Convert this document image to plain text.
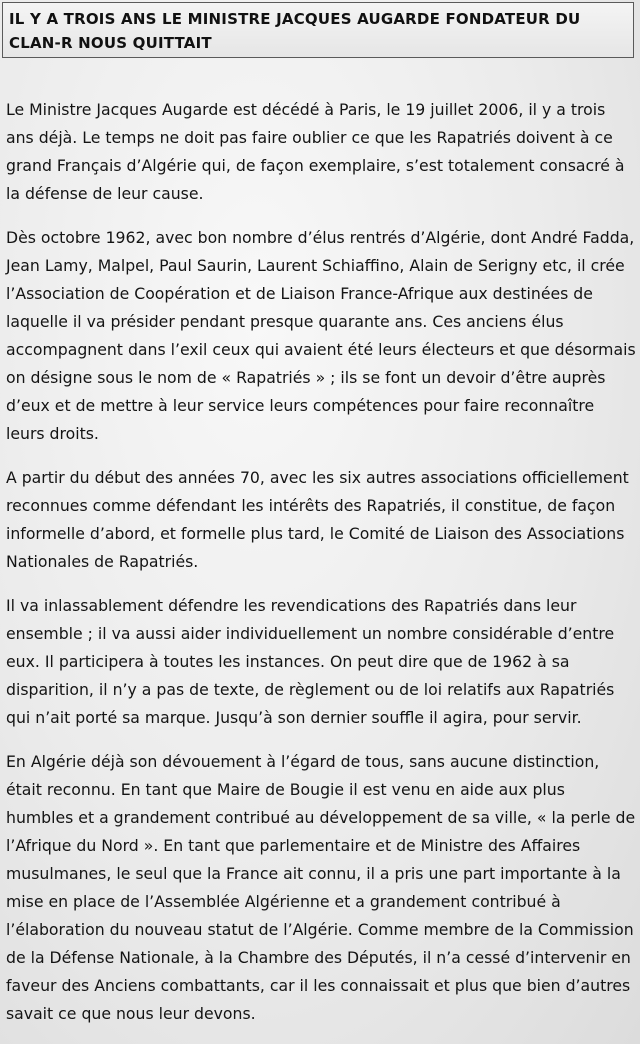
IL Y A TROIS ANS LE MINISTRE JACQUES AUGARDE FONDATEUR DU CLAN-R NOUS QUITTAIT

Le Ministre Jacques Augarde est décédé à Paris, le 19 juillet 2006, il y a trois ans déjà. Le temps ne doit pas faire oublier ce que les Rapatriés doivent à ce grand Français d’Algérie qui, de façon exemplaire, s’est totalement consacré à la défense de leur cause.

Dès octobre 1962, avec bon nombre d’élus rentrés d’Algérie, dont André Fadda, Jean Lamy, Malpel, Paul Saurin, Laurent Schiaffino, Alain de Serigny etc, il crée l’Association de Coopération et de Liaison France-Afrique aux destinées de laquelle il va présider pendant presque quarante ans. Ces anciens élus accompagnent dans l’exil ceux qui avaient été leurs électeurs et que désormais on désigne sous le nom de « Rapatriés » ; ils se font un devoir d’être auprès d’eux et de mettre à leur service leurs compétences pour faire reconnaître leurs droits.

A partir du début des années 70, avec les six autres associations officiellement reconnues comme défendant les intérêts des Rapatriés, il constitue, de façon informelle d’abord, et formelle plus tard, le Comité de Liaison des Associations Nationales de Rapatriés.

Il va inlassablement défendre les revendications des Rapatriés dans leur ensemble ; il va aussi aider individuellement un nombre considérable d’entre eux. Il participera à toutes les instances. On peut dire que de 1962 à sa disparition, il n’y a pas de texte, de règlement ou de loi relatifs aux Rapatriés qui n’ait porté sa marque. Jusqu’à son dernier souffle il agira, pour servir.

En Algérie déjà son dévouement à l’égard de tous, sans aucune distinction, était reconnu. En tant que Maire de Bougie il est venu en aide aux plus humbles et a grandement contribué au développement de sa ville, « la perle de l’Afrique du Nord ». En tant que parlementaire et de Ministre des Affaires musulmanes, le seul que la France ait connu, il a pris une part importante à la mise en place de l’Assemblée Algérienne et a grandement contribué à l’élaboration du nouveau statut de l’Algérie. Comme membre de la Commission de la Défense Nationale, à la Chambre des Députés, il n’a cessé d’intervenir en faveur des Anciens combattants, car il les connaissait et plus que bien d’autres savait ce que nous leur devons.
